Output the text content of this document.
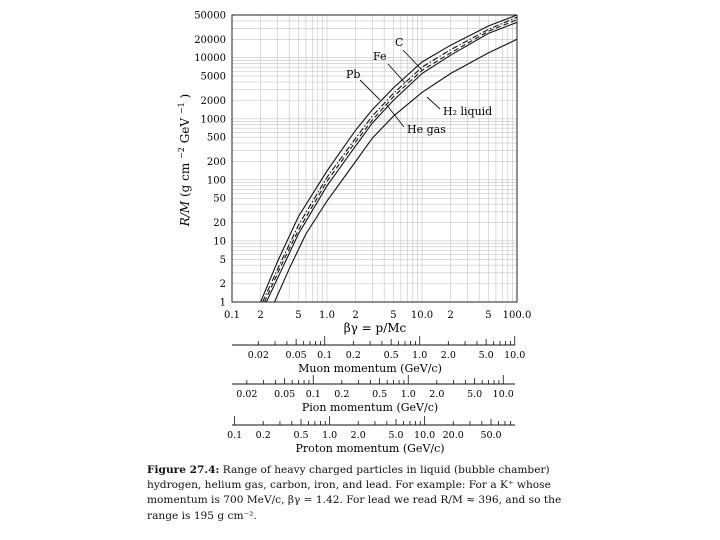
0.1 2	5 1.0 2	5 10.0 2	5 100.0
1
2
5
10
20
50
100
200
500
1000
2000
5000
10000
20000
50000
Pb
Fe
C
H₂ liquid
He gas
R/M (g cm $^{-2}$ GeV $^{-1}$ )
βγ = p/Mc
0.02 0.05 0.1 0.2 0.5 1.0 2.0 5.0 10.0
Muon momentum (GeV/c)
0.02 0.05 0.1 0.2 0.5 1.0 2.0 5.0 10.0
Pion momentum (GeV/c)
0.1 0.2 0.5 1.0 2.0 5.0 10.0 20.0 50.0
Proton momentum (GeV/c)

Figure 27.4: Range of heavy charged particles in liquid (bubble chamber) hydrogen, helium gas, carbon, iron, and lead. For example: For a K⁺ whose momentum is 700 MeV/c, βγ = 1.42. For lead we read R/M ≈ 396, and so the range is 195 g cm⁻².
